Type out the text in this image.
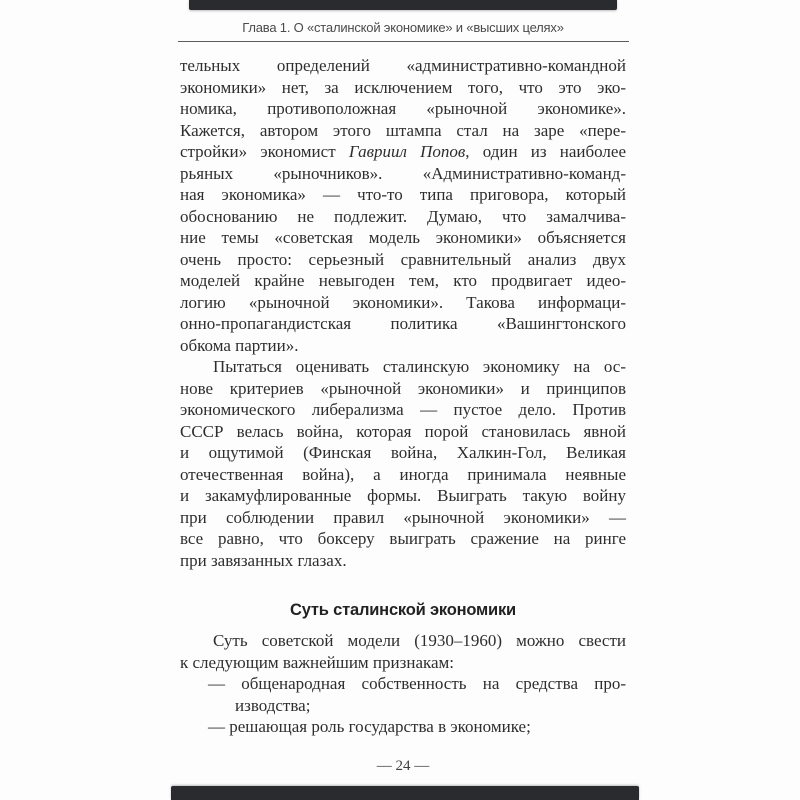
Глава 1. О «сталинской экономике» и «высших целях»
тельных определений «административно-командной
экономики» нет, за исключением того, что это эко-
номика, противоположная «рыночной экономике».
Кажется, автором этого штампа стал на заре «пере-
стройки» экономист Гавриил Попов, один из наиболее
рьяных «рыночников». «Административно-команд-
ная экономика» — что-то типа приговора, который
обоснованию не подлежит. Думаю, что замалчива-
ние темы «советская модель экономики» объясняется
очень просто: серьезный сравнительный анализ двух
моделей крайне невыгоден тем, кто продвигает идео-
логию «рыночной экономики». Такова информаци-
онно-пропагандистская политика «Вашингтонского
обкома партии».
Пытаться оценивать сталинскую экономику на ос-
нове критериев «рыночной экономики» и принципов
экономического либерализма — пустое дело. Против
СССР велась война, которая порой становилась явной
и ощутимой (Финская война, Халкин-Гол, Великая
отечественная война), а иногда принимала неявные
и закамуфлированные формы. Выиграть такую войну
при соблюдении правил «рыночной экономики» —
все равно, что боксеру выиграть сражение на ринге
при завязанных глазах.
Суть сталинской экономики
Суть советской модели (1930–1960) можно свести
к следующим важнейшим признакам:
— общенародная собственность на средства про-
изводства;
— решающая роль государства в экономике;
— 24 —
